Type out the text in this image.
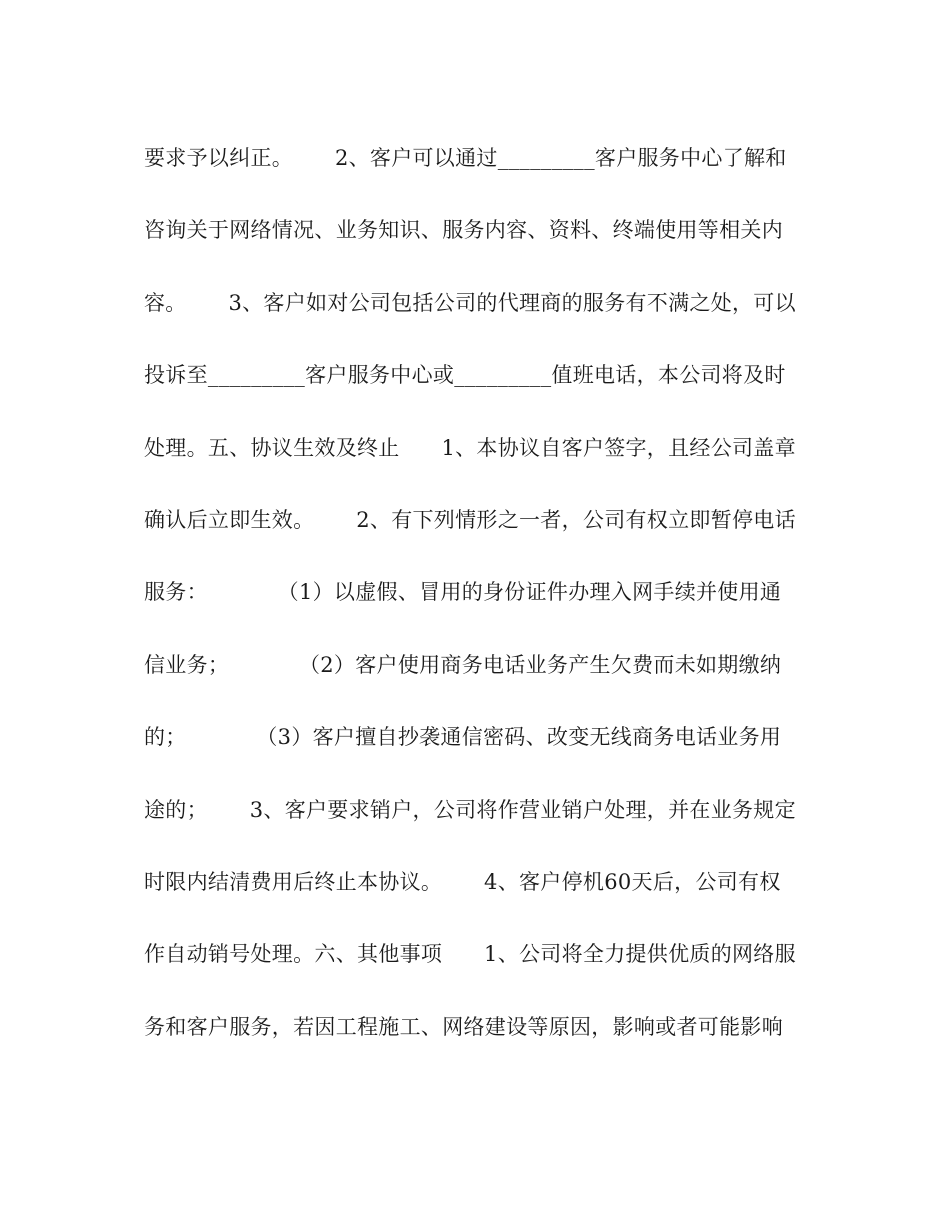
要求予以纠正。      2、客户可以通过_________客户服务中心了解和
咨询关于网络情况、业务知识、服务内容、资料、终端使用等相关内
容。      3、客户如对公司包括公司的代理商的服务有不满之处，可以
投诉至_________客户服务中心或_________值班电话，本公司将及时
处理。五、协议生效及终止      1、本协议自客户签字，且经公司盖章
确认后立即生效。      2、有下列情形之一者，公司有权立即暂停电话
服务：          （1）以虚假、冒用的身份证件办理入网手续并使用通
信业务；          （2）客户使用商务电话业务产生欠费而未如期缴纳
的；          （3）客户擅自抄袭通信密码、改变无线商务电话业务用
途的；      3、客户要求销户，公司将作营业销户处理，并在业务规定
时限内结清费用后终止本协议。      4、客户停机60天后，公司有权
作自动销号处理。六、其他事项      1、公司将全力提供优质的网络服
务和客户服务，若因工程施工、网络建设等原因，影响或者可能影响
